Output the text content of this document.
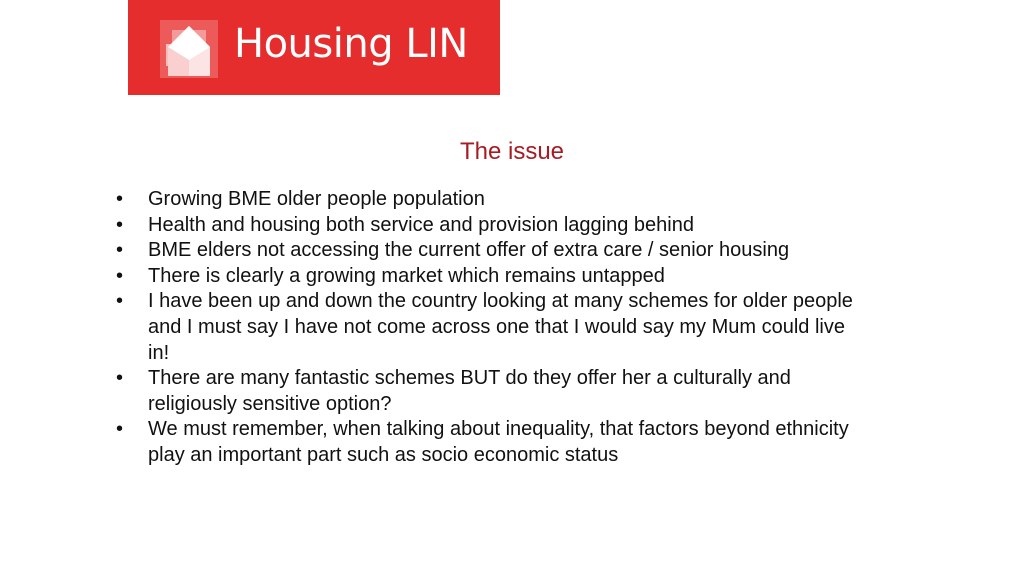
Housing LIN
The issue
• Growing BME older people population
• Health and housing both service and provision lagging behind
• BME elders not accessing the current offer of extra care / senior housing
• There is clearly a growing market which remains untapped
• I have been up and down the country looking at many schemes for older people and I must say I have not come across one that I would say my Mum could live in!
• There are many fantastic schemes BUT do they offer her a culturally and religiously sensitive option?
• We must remember, when talking about inequality, that factors beyond ethnicity play an important part such as socio economic status
